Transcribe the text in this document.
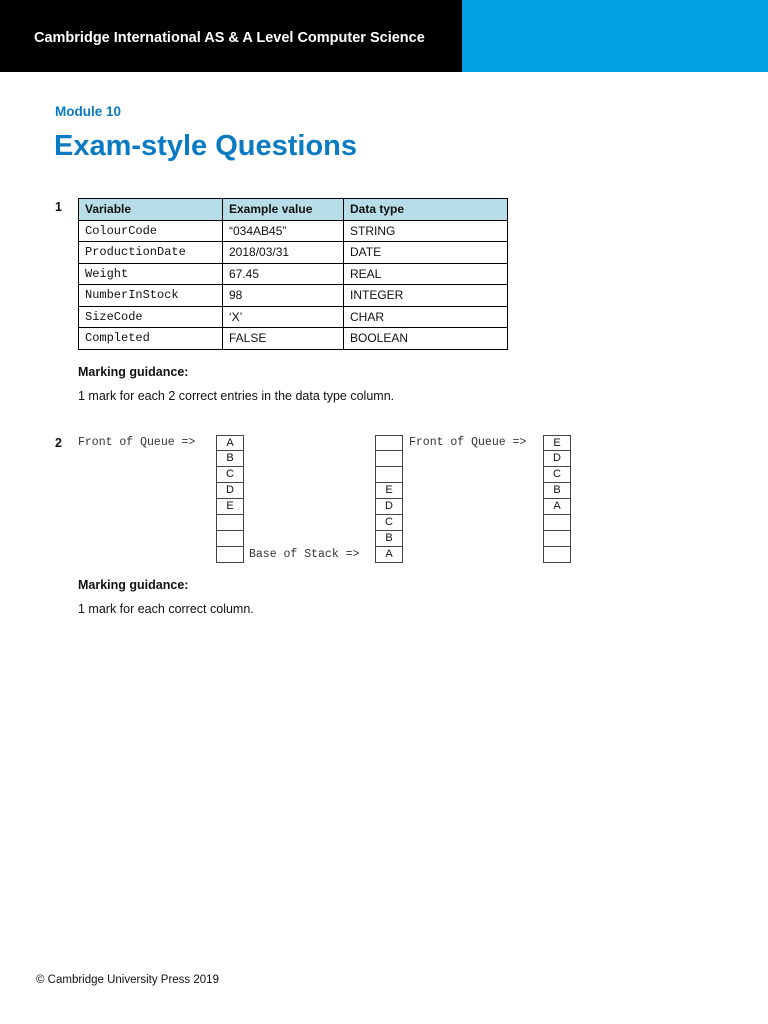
Cambridge International AS & A Level Computer Science
Module 10
Exam-style Questions
1 Variable	Example value	Data type
ColourCode	“034AB45”	STRING
ProductionDate	2018/03/31	DATE
Weight	67.45	REAL
NumberInStock	98	INTEGER
SizeCode	‘X’	CHAR
Completed	FALSE	BOOLEAN
Marking guidance:
1 mark for each 2 correct entries in the data type column.
2 Front of Queue =>	A
B
C
D
E
Base of Stack =>
E
D
C
B
A
Front of Queue =>	E
D
C
B
A
Marking guidance:
1 mark for each correct column.
© Cambridge University Press 2019
